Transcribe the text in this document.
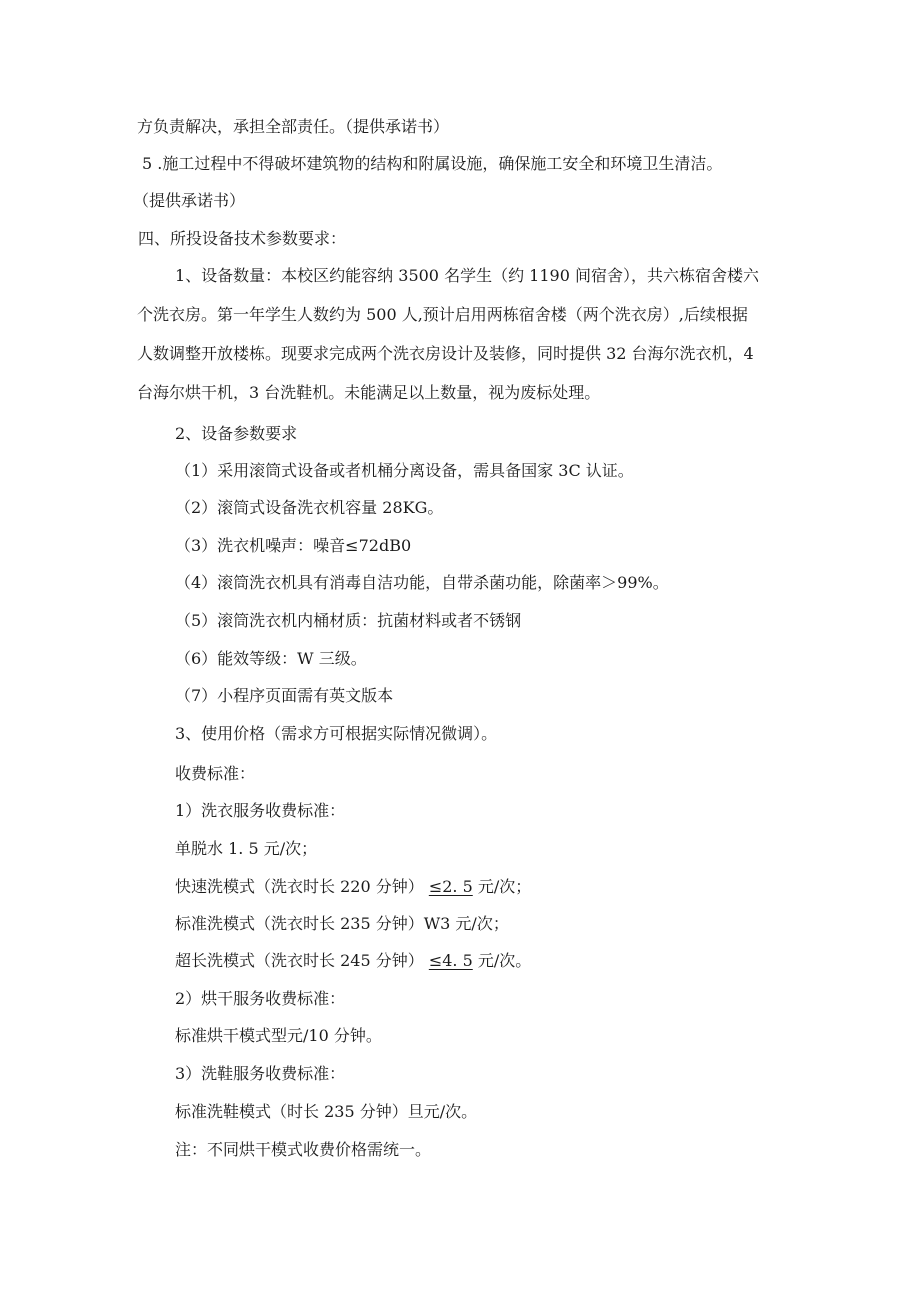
方负责解决，承担全部责任。（提供承诺书）
5 .施工过程中不得破坏建筑物的结构和附属设施，确保施工安全和环境卫生清洁。
（提供承诺书）
四、所投设备技术参数要求：
1、设备数量：本校区约能容纳 3500 名学生（约 1190 间宿舍），共六栋宿舍楼六
个洗衣房。第一年学生人数约为 500 人,预计启用两栋宿舍楼（两个洗衣房）,后续根据
人数调整开放楼栋。现要求完成两个洗衣房设计及装修，同时提供 32 台海尔洗衣机，4
台海尔烘干机，3 台洗鞋机。未能满足以上数量，视为废标处理。
2、设备参数要求
（1）采用滚筒式设备或者机桶分离设备，需具备国家 3C 认证。
（2）滚筒式设备洗衣机容量 28KG。
（3）洗衣机噪声：噪音≤72dB0
（4）滚筒洗衣机具有消毒自洁功能，自带杀菌功能，除菌率＞99%。
（5）滚筒洗衣机内桶材质：抗菌材料或者不锈钢
（6）能效等级：W 三级。
（7）小程序页面需有英文版本
3、使用价格（需求方可根据实际情况微调）。
收费标准：
1）洗衣服务收费标准：
单脱水 1. 5 元/次；
快速洗模式（洗衣时长 220 分钟） ≤2. 5 元/次；
标准洗模式（洗衣时长 235 分钟）W3 元/次；
超长洗模式（洗衣时长 245 分钟） ≤4. 5 元/次。
2）烘干服务收费标准：
标准烘干模式型元/10 分钟。
3）洗鞋服务收费标准：
标准洗鞋模式（时长 235 分钟）旦元/次。
注：不同烘干模式收费价格需统一。
